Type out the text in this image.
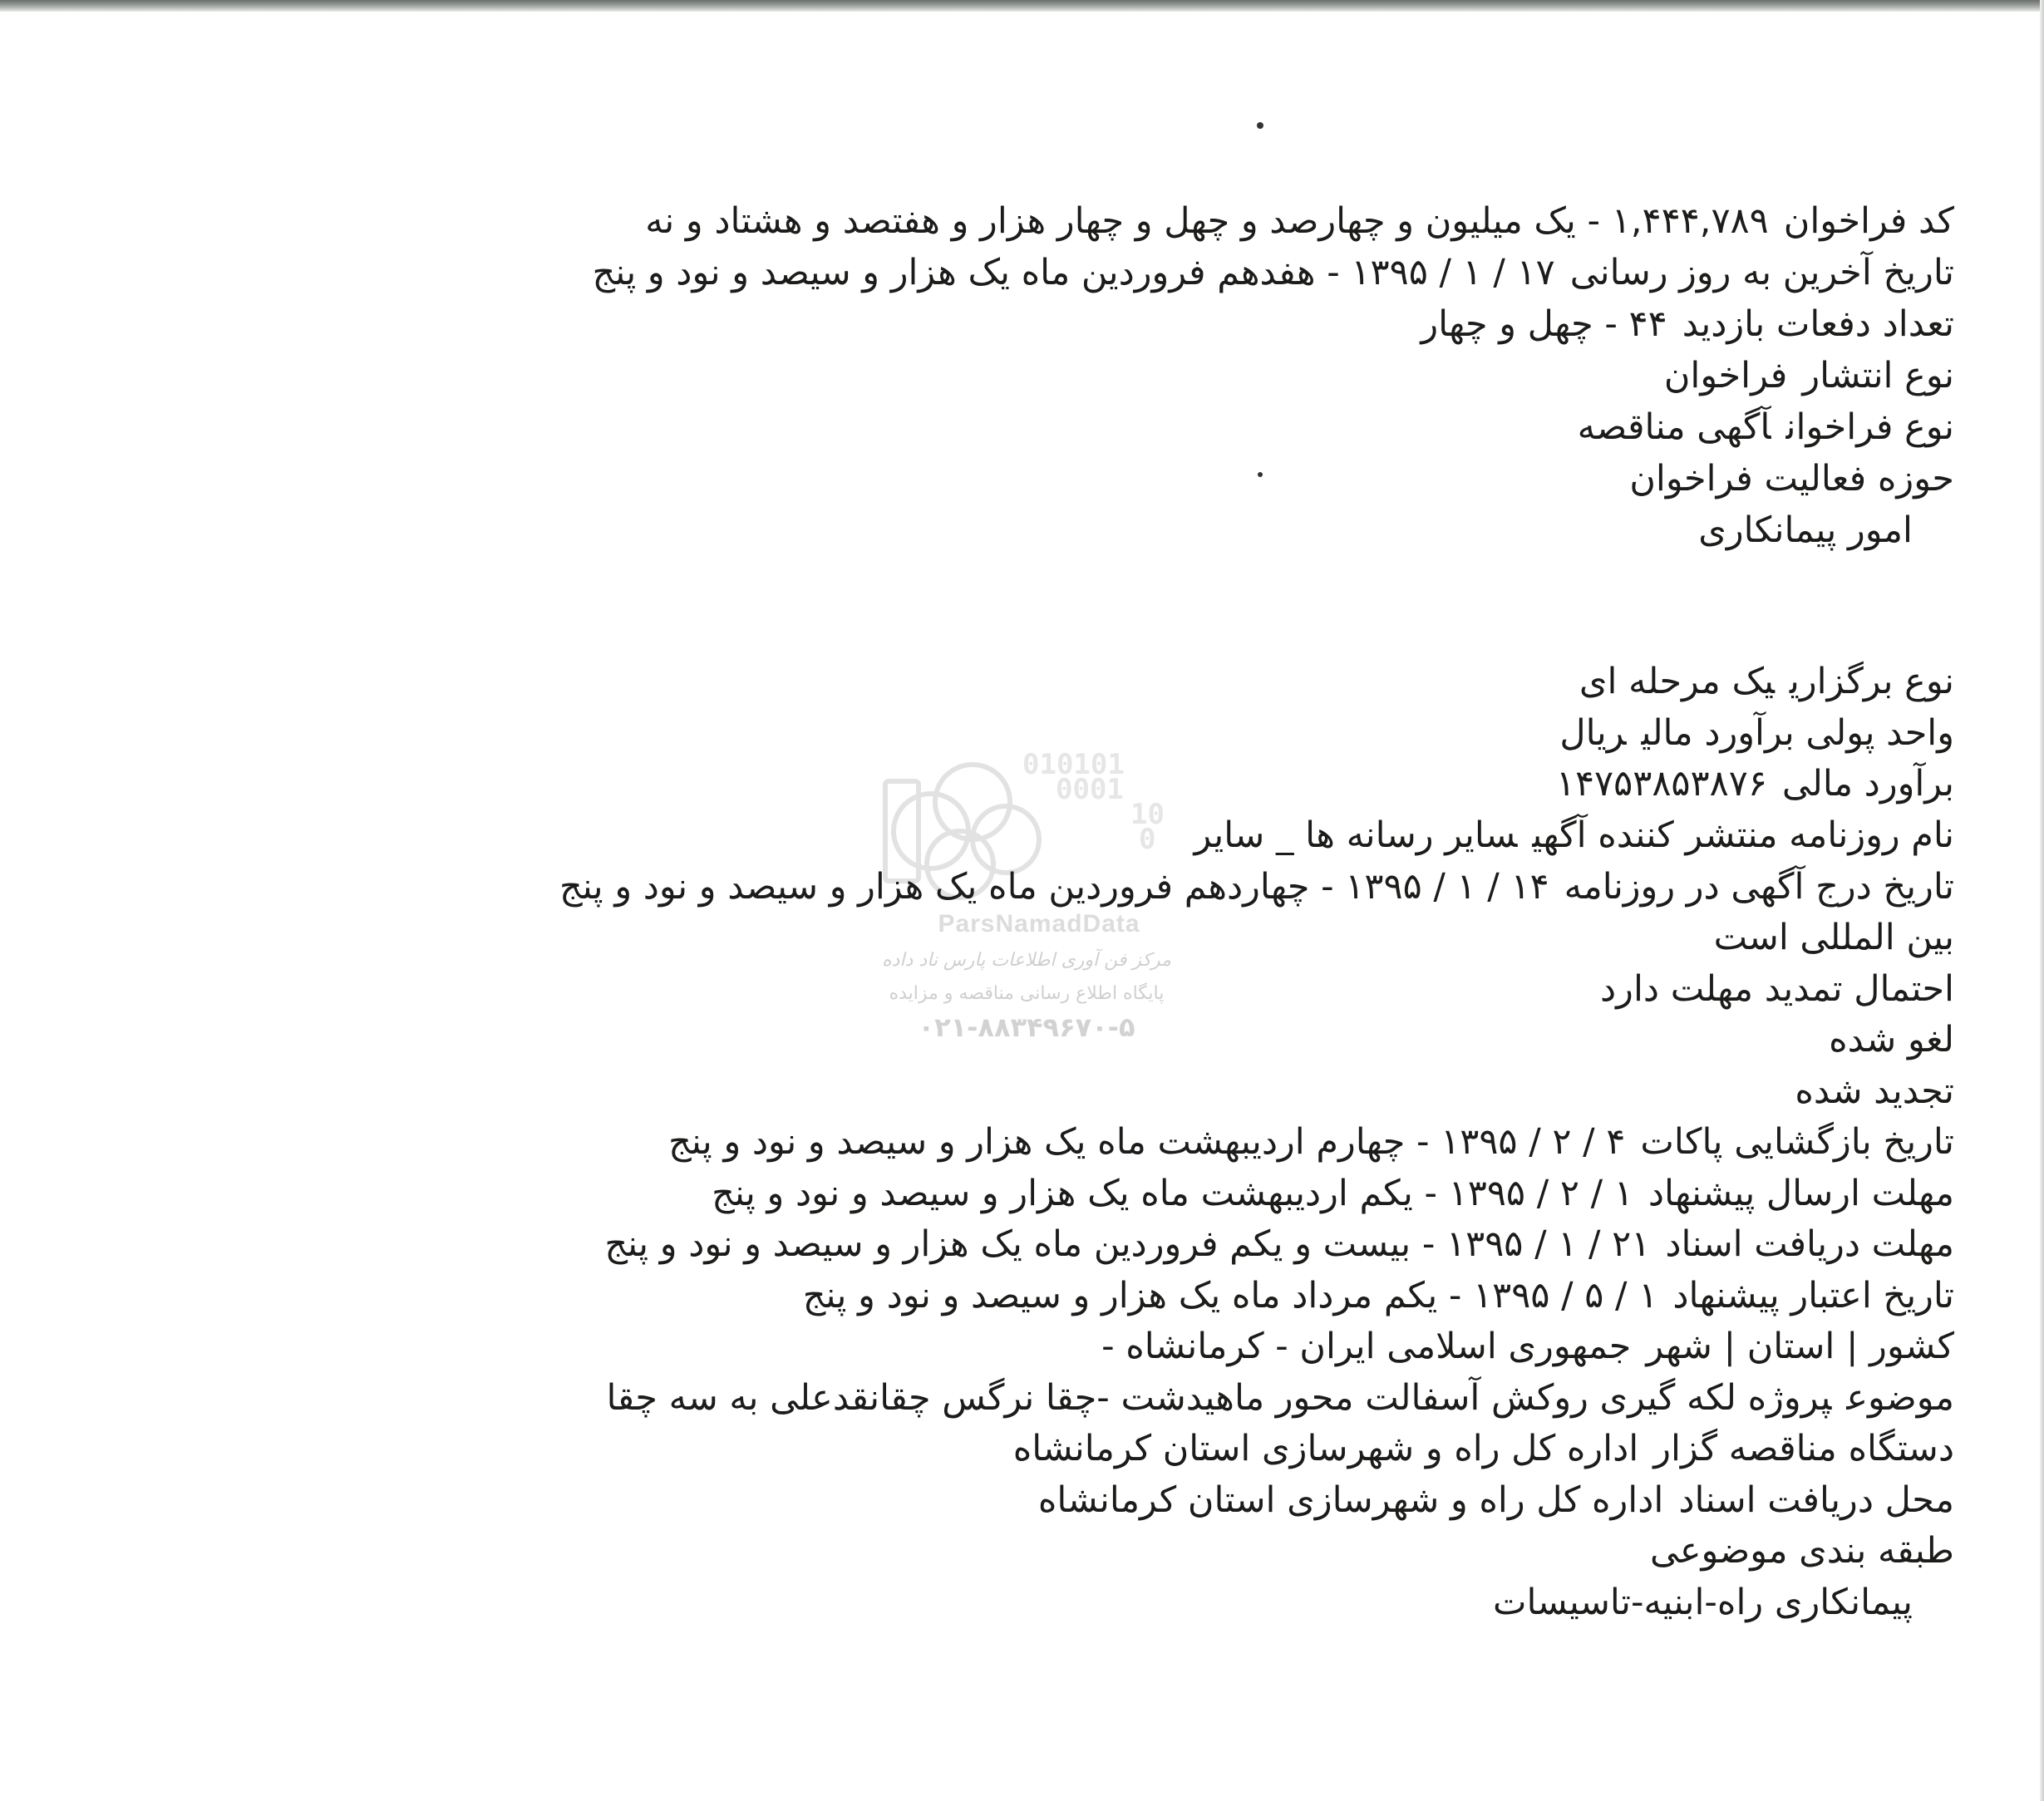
010101
0001
10
0
ParsNamadData
مرکز فن آوری اطلاعات پارس ناد داده
پایگاه اطلاع رسانی مناقصه و مزایده
۰۲۱-۸۸۳۴۹۶۷۰-۵
کد فراخوان۱,۴۴۴,۷۸۹ - یک میلیون و چهارصد و چهل و چهار هزار و هفتصد و هشتاد و نه
تاریخ آخرین به روز رسانی۱۷ / ۱ / ۱۳۹۵ - هفدهم فروردین ماه یک هزار و سیصد و نود و پنج
تعداد دفعات بازدید۴۴ - چهل و چهار
نوع انتشارفراخوان
نوع فراخوانآگهی مناقصه
حوزه فعالیت فراخوان
امور پیمانکاری
نوع برگزارییک مرحله ای
واحد پولی برآورد مالیریال
برآورد مالی۱۴۷۵۳۸۵۳۸۷۶
نام روزنامه منتشر کننده آگهیسایر رسانه ها _ سایر
تاریخ درج آگهی در روزنامه۱۴ / ۱ / ۱۳۹۵ - چهاردهم فروردین ماه یک هزار و سیصد و نود و پنج
بین المللی است
احتمال تمدید مهلت دارد
لغو شده
تجدید شده
تاریخ بازگشایی پاکات۴ / ۲ / ۱۳۹۵ - چهارم اردیبهشت ماه یک هزار و سیصد و نود و پنج
مهلت ارسال پیشنهاد۱ / ۲ / ۱۳۹۵ - یکم اردیبهشت ماه یک هزار و سیصد و نود و پنج
مهلت دریافت اسناد۲۱ / ۱ / ۱۳۹۵ - بیست و یکم فروردین ماه یک هزار و سیصد و نود و پنج
تاریخ اعتبار پیشنهاد۱ / ۵ / ۱۳۹۵ - یکم مرداد ماه یک هزار و سیصد و نود و پنج
کشور | استان | شهرجمهوری اسلامی ایران - کرمانشاه -
موضوعپروژه لکه گیری روکش آسفالت محور ماهیدشت -چقا نرگس چقانقدعلی به سه چقا
دستگاه مناقصه گزاراداره کل راه و شهرسازی استان کرمانشاه
محل دریافت اسناداداره کل راه و شهرسازی استان کرمانشاه
طبقه بندی موضوعی
پیمانکاری راه-ابنیه-تاسیسات
